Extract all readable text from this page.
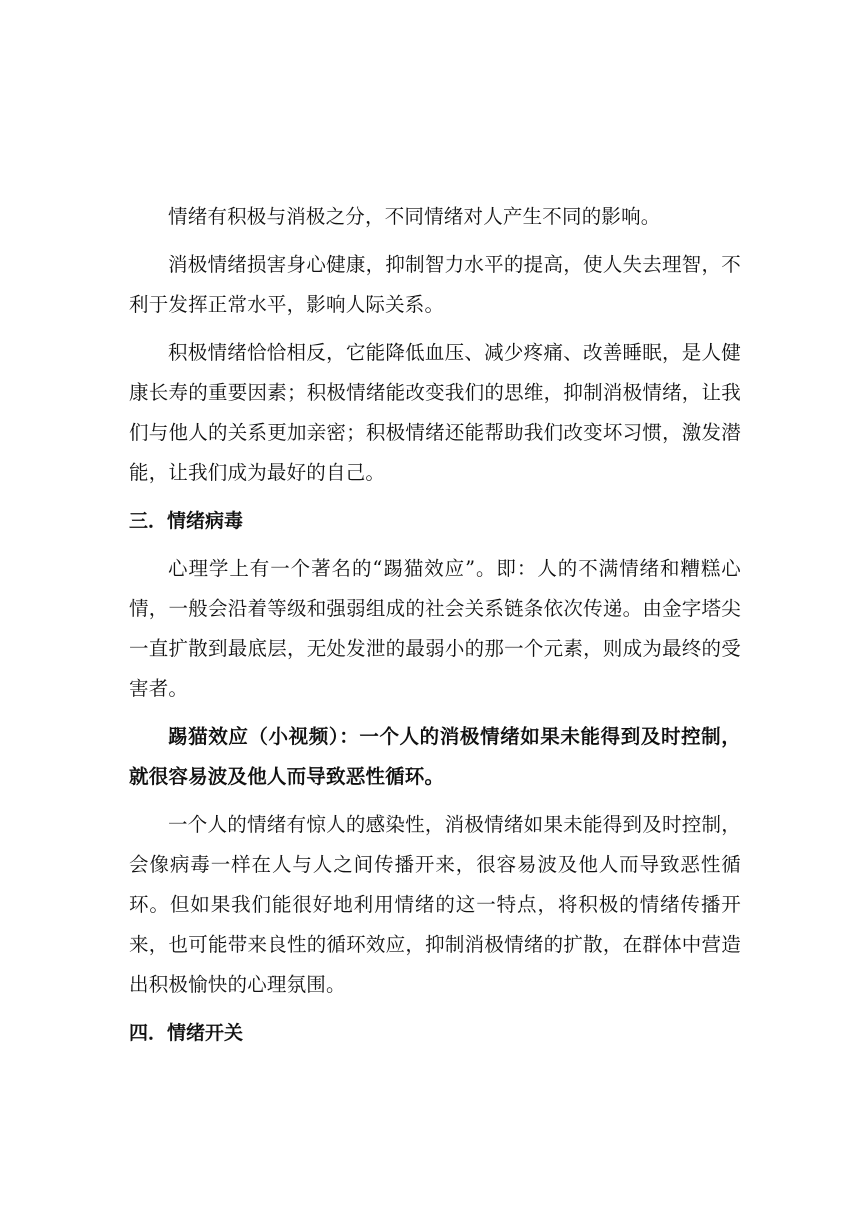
情绪有积极与消极之分，不同情绪对人产生不同的影响。

消极情绪损害身心健康，抑制智力水平的提高，使人失去理智，不利于发挥正常水平，影响人际关系。

积极情绪恰恰相反，它能降低血压、减少疼痛、改善睡眠，是人健康长寿的重要因素；积极情绪能改变我们的思维，抑制消极情绪，让我们与他人的关系更加亲密；积极情绪还能帮助我们改变坏习惯，激发潜能，让我们成为最好的自己。

三．情绪病毒

心理学上有一个著名的“踢猫效应”。即：人的不满情绪和糟糕心情，一般会沿着等级和强弱组成的社会关系链条依次传递。由金字塔尖一直扩散到最底层，无处发泄的最弱小的那一个元素，则成为最终的受害者。

踢猫效应（小视频）：一个人的消极情绪如果未能得到及时控制，就很容易波及他人而导致恶性循环。

一个人的情绪有惊人的感染性，消极情绪如果未能得到及时控制，会像病毒一样在人与人之间传播开来，很容易波及他人而导致恶性循环。但如果我们能很好地利用情绪的这一特点，将积极的情绪传播开来，也可能带来良性的循环效应，抑制消极情绪的扩散，在群体中营造出积极愉快的心理氛围。

四．情绪开关
